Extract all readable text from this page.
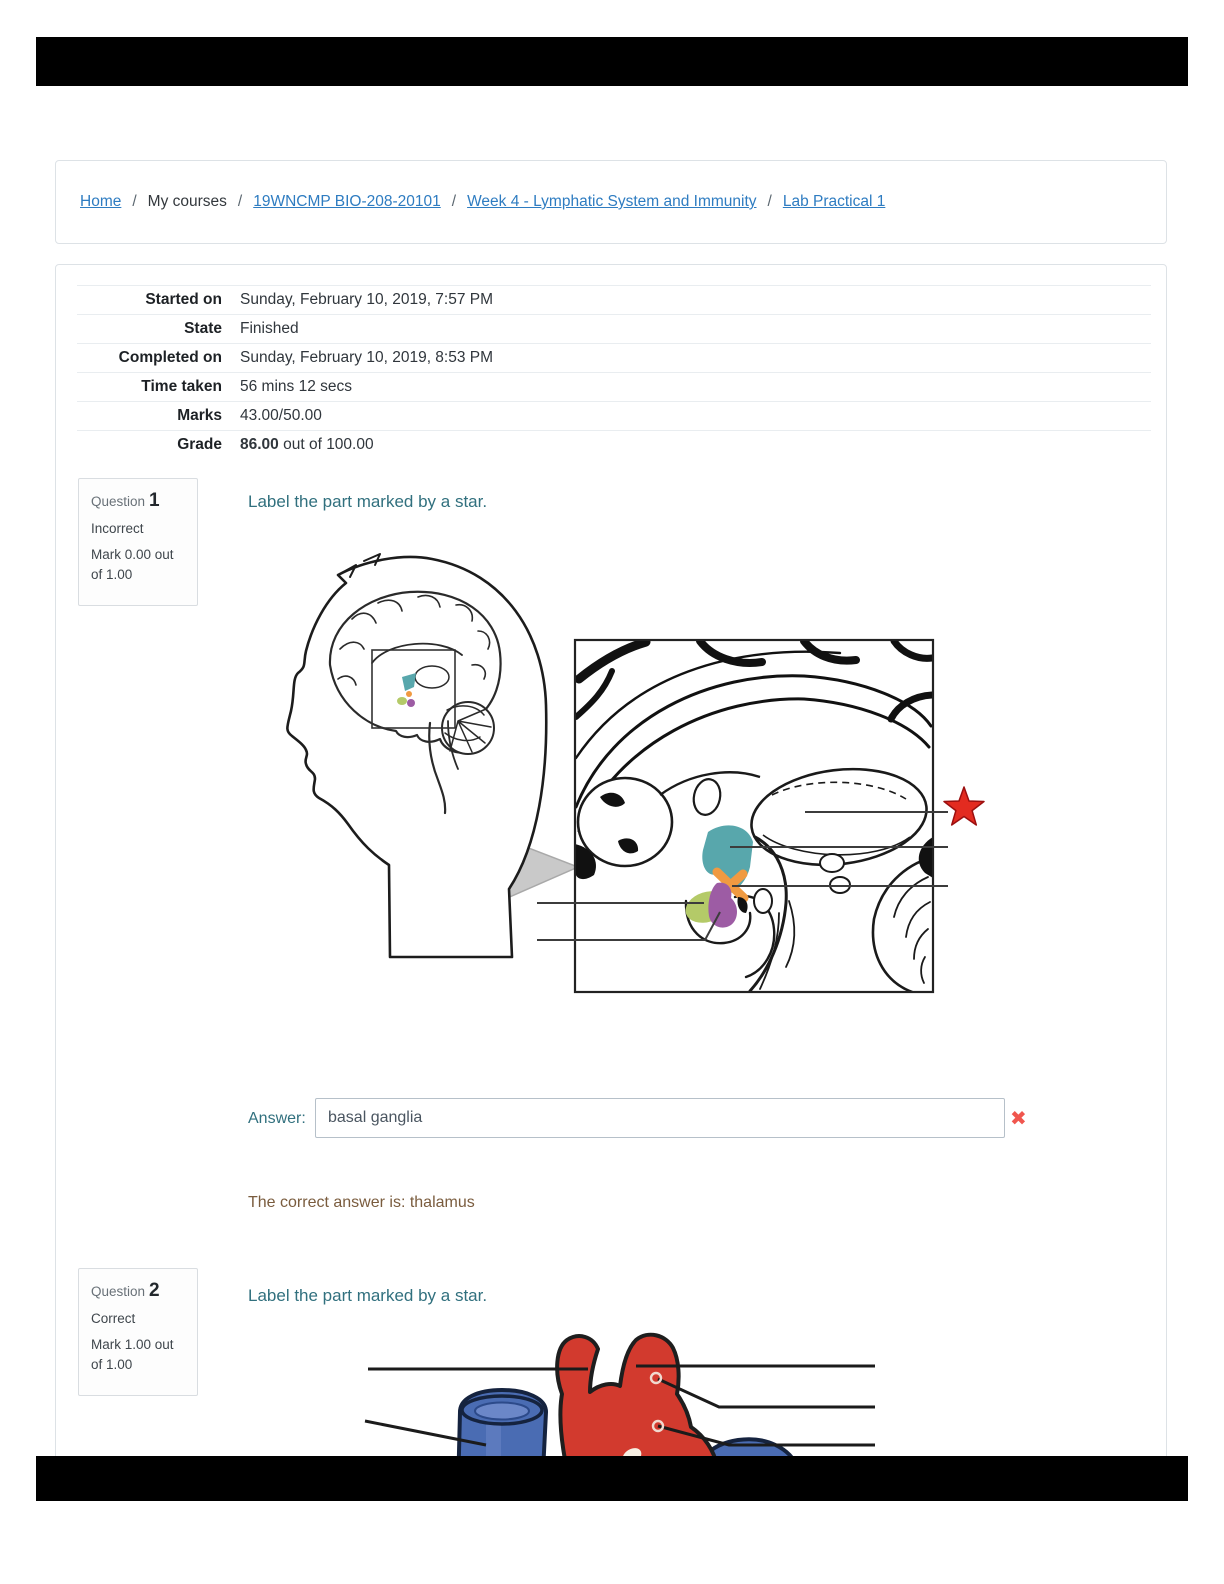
Home / My courses / 19WNCMP BIO-208-20101 / Week 4 - Lymphatic System and Immunity / Lab Practical 1
Started on	Sunday, February 10, 2019, 7:57 PM
State	Finished
Completed on	Sunday, February 10, 2019, 8:53 PM
Time taken	56 mins 12 secs
Marks	43.00/50.00
Grade	86.00 out of 100.00
Question 1
Incorrect
Mark 0.00 out of 1.00
Label the part marked by a star.
Answer:
basal ganglia	✖
The correct answer is: thalamus
Question 2
Correct
Mark 1.00 out of 1.00
Label the part marked by a star.
